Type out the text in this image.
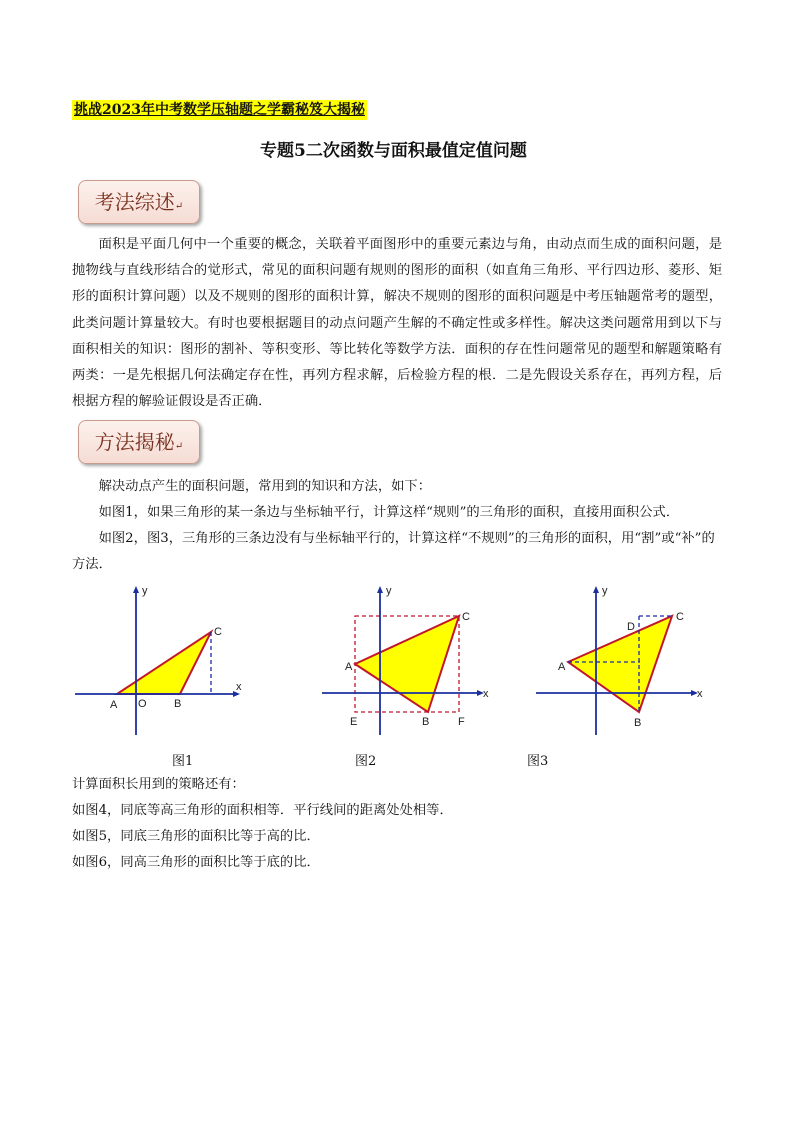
挑战2023年中考数学压轴题之学霸秘笈大揭秘
专题5二次函数与面积最值定值问题
考法综述↵

面积是平面几何中一个重要的概念，关联着平面图形中的重要元素边与角，由动点而生成的面积问题，是抛物线与直线形结合的觉形式，常见的面积问题有规则的图形的面积（如直角三角形、平行四边形、菱形、矩形的面积计算问题）以及不规则的图形的面积计算，解决不规则的图形的面积问题是中考压轴题常考的题型，此类问题计算量较大。有时也要根据题目的动点问题产生解的不确定性或多样性。解决这类问题常用到以下与面积相关的知识：图形的割补、等积变形、等比转化等数学方法．面积的存在性问题常见的题型和解题策略有两类：一是先根据几何法确定存在性，再列方程求解，后检验方程的根．二是先假设关系存在，再列方程，后根据方程的解验证假设是否正确．

方法揭秘↵

解决动点产生的面积问题，常用到的知识和方法，如下：

如图1，如果三角形的某一条边与坐标轴平行，计算这样“规则”的三角形的面积，直接用面积公式．

如图2，图3，三角形的三条边没有与坐标轴平行的，计算这样“不规则”的三角形的面积，用“割”或“补”的方法．

x
y
A O B
C
图1
x
y
A
B
C
E	F
图2
x
y
A
B
C
D
图3

计算面积长用到的策略还有：

如图4，同底等高三角形的面积相等．平行线间的距离处处相等．

如图5，同底三角形的面积比等于高的比．

如图6，同高三角形的面积比等于底的比．
